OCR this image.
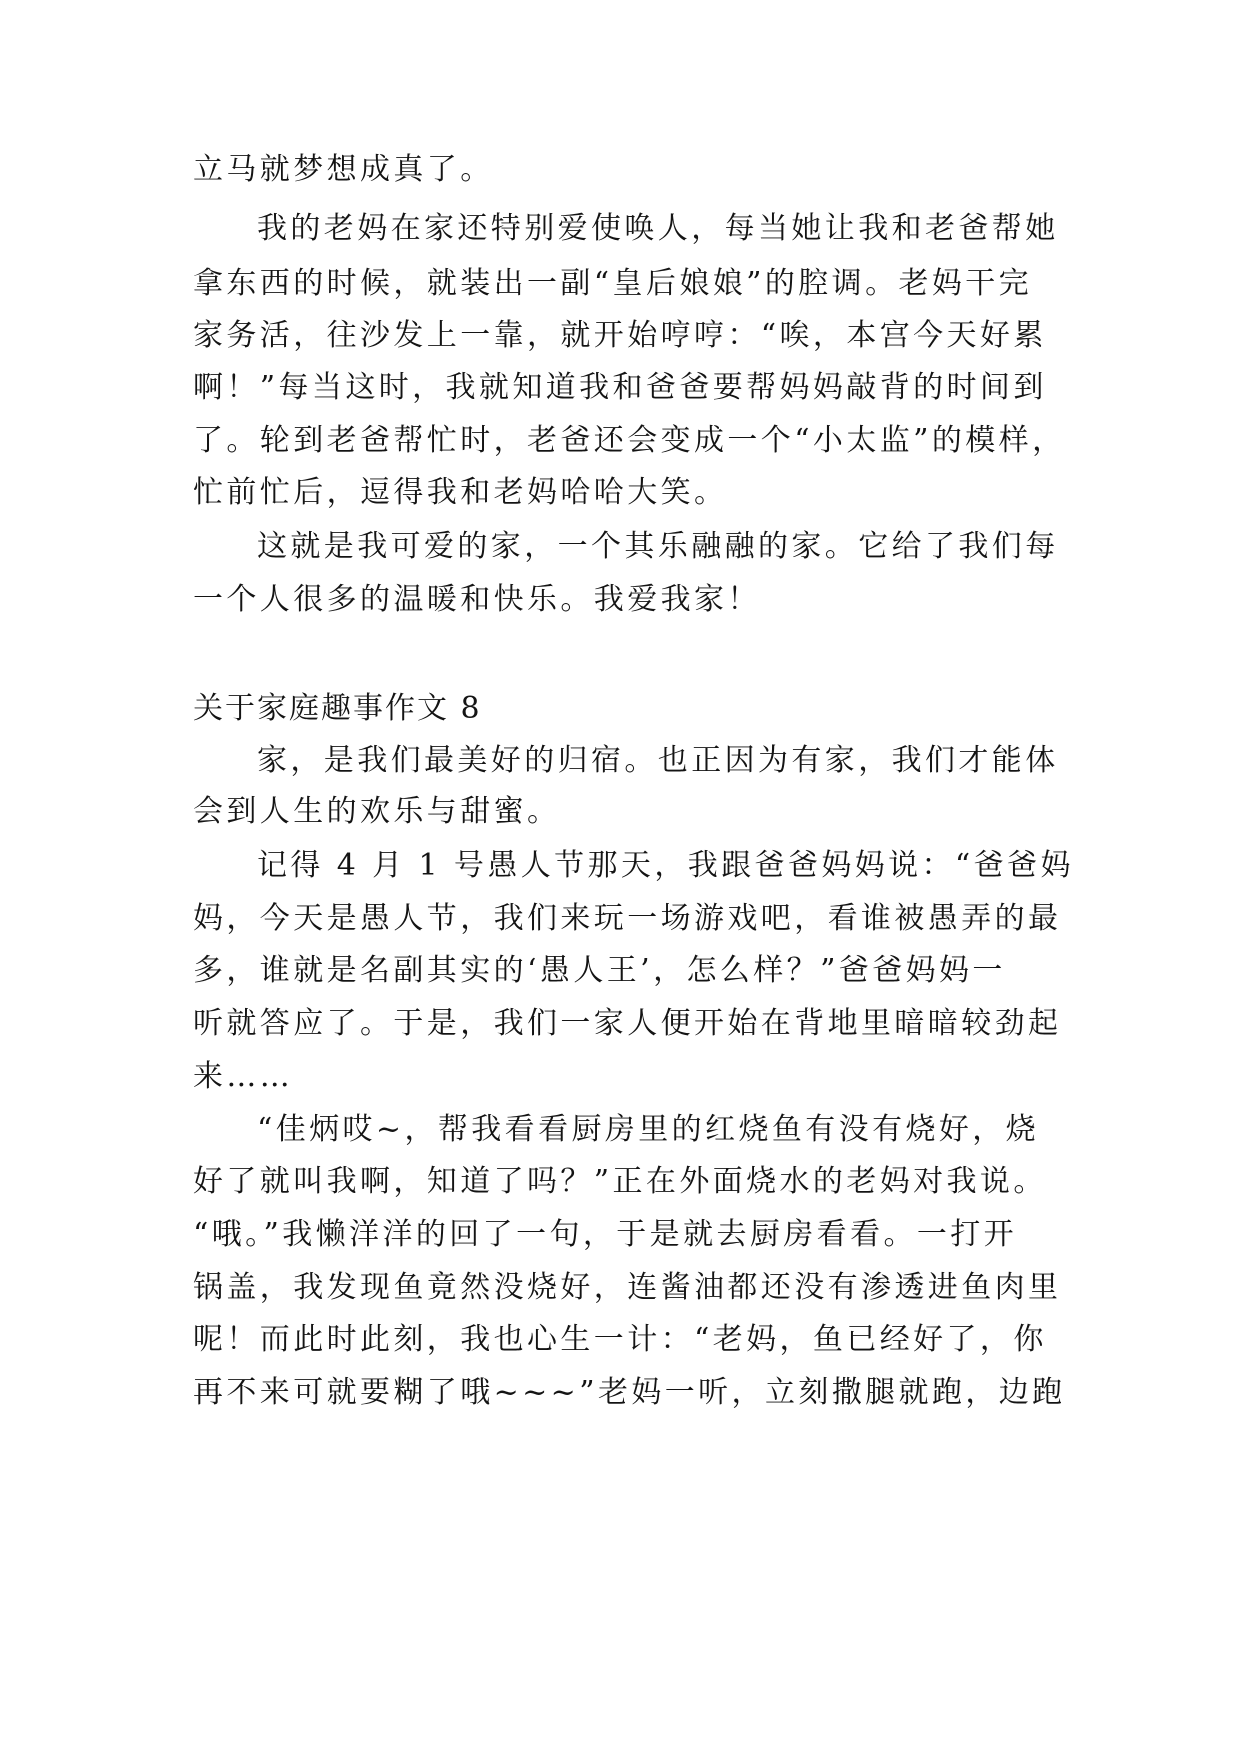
立马就梦想成真了。
我的老妈在家还特别爱使唤人，每当她让我和老爸帮她
拿东西的时候，就装出一副“皇后娘娘”的腔调。老妈干完
家务活，往沙发上一靠，就开始哼哼：“唉，本宫今天好累
啊！”每当这时，我就知道我和爸爸要帮妈妈敲背的时间到
了。轮到老爸帮忙时，老爸还会变成一个“小太监”的模样，
忙前忙后，逗得我和老妈哈哈大笑。
这就是我可爱的家，一个其乐融融的家。它给了我们每
一个人很多的温暖和快乐。我爱我家！
关于家庭趣事作文 8
家，是我们最美好的归宿。也正因为有家，我们才能体
会到人生的欢乐与甜蜜。
记得 4 月 1 号愚人节那天，我跟爸爸妈妈说：“爸爸妈
妈，今天是愚人节，我们来玩一场游戏吧，看谁被愚弄的最
多，谁就是名副其实的‘愚人王’，怎么样？”爸爸妈妈一
听就答应了。于是，我们一家人便开始在背地里暗暗较劲起
来……
“佳炳哎~，帮我看看厨房里的红烧鱼有没有烧好，烧
好了就叫我啊，知道了吗？”正在外面烧水的老妈对我说。
“哦。”我懒洋洋的回了一句，于是就去厨房看看。一打开
锅盖，我发现鱼竟然没烧好，连酱油都还没有渗透进鱼肉里
呢！而此时此刻，我也心生一计：“老妈，鱼已经好了，你
再不来可就要糊了哦~~~”老妈一听，立刻撒腿就跑，边跑
